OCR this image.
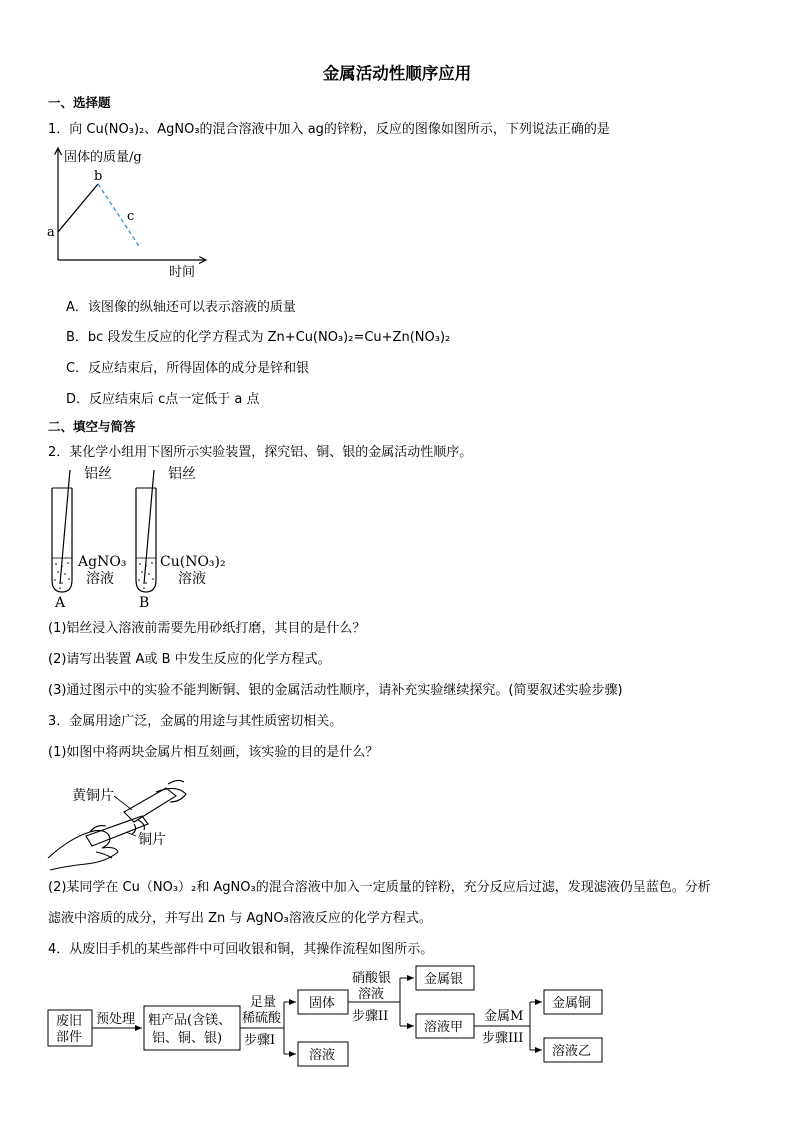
金属活动性顺序应用
一、选择题
1．向 Cu(NO₃)₂、AgNO₃的混合溶液中加入 ag的锌粉，反应的图像如图所示，下列说法正确的是
固体的质量/g
时间
a
b
c
A．该图像的纵轴还可以表示溶液的质量
B．bc 段发生反应的化学方程式为 Zn+Cu(NO₃)₂=Cu+Zn(NO₃)₂
C．反应结束后，所得固体的成分是锌和银
D．反应结束后 c点一定低于 a 点
二、填空与简答
2．某化学小组用下图所示实验装置，探究铝、铜、银的金属活动性顺序。
铝丝	铝丝
AgNO₃
溶液
Cu(NO₃)₂
溶液
A	B
(1)铝丝浸入溶液前需要先用砂纸打磨，其目的是什么？
(2)请写出装置 A或 B 中发生反应的化学方程式。
(3)通过图示中的实验不能判断铜、银的金属活动性顺序，请补充实验继续探究。(简要叙述实验步骤)
3．金属用途广泛，金属的用途与其性质密切相关。
(1)如图中将两块金属片相互刻画，该实验的目的是什么？
黄铜片
铜片
(2)某同学在 Cu（NO₃）₂和 AgNO₃的混合溶液中加入一定质量的锌粉，充分反应后过滤，发现滤液仍呈蓝色。分析
滤液中溶质的成分，并写出 Zn 与 AgNO₃溶液反应的化学方程式。
4．从废旧手机的某些部件中可回收银和铜，其操作流程如图所示。
废旧
部件
预处理 粗产品(含镁、
铝、铜、银)
足量
稀硫酸
步骤I
固体
溶液
硝酸银
溶液
步骤II
金属银
溶液甲
金属M
步骤III
金属铜
溶液乙
